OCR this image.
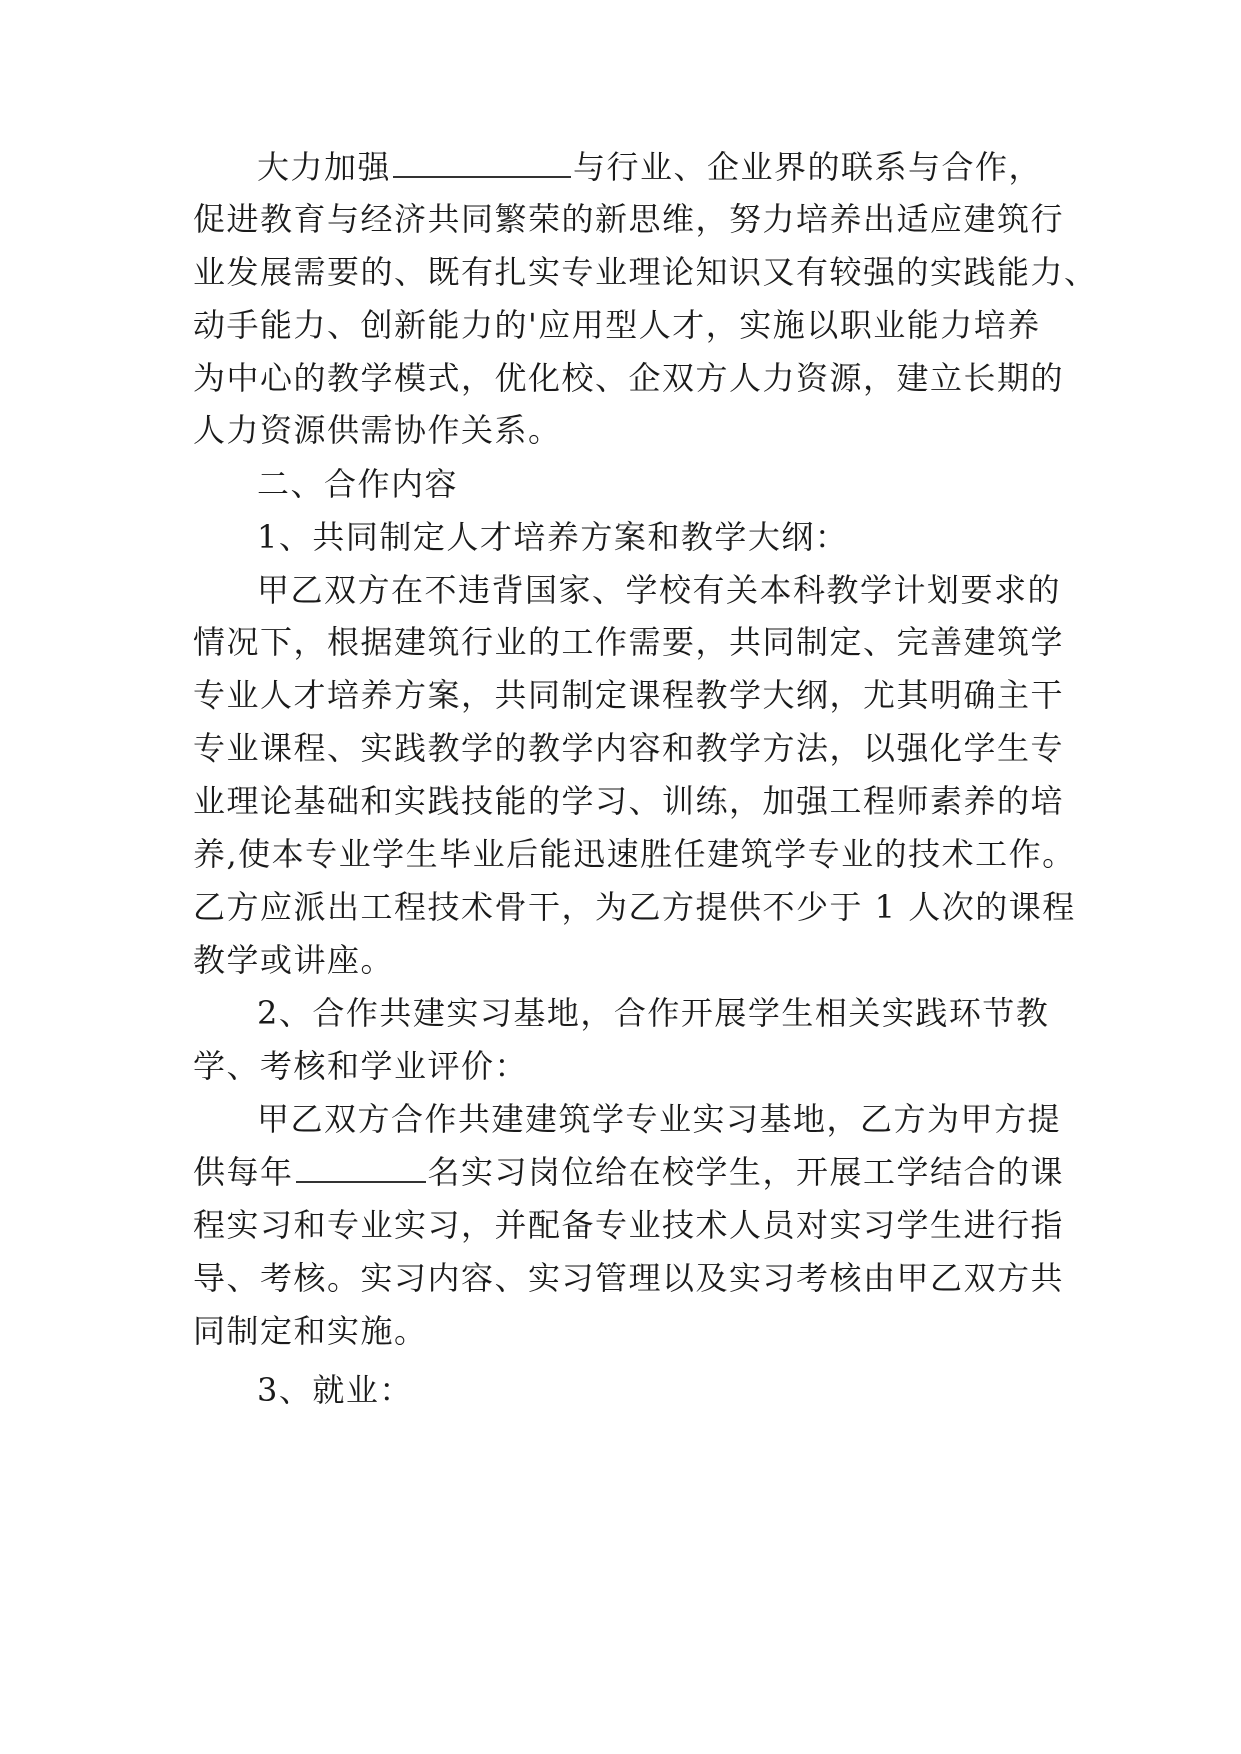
大力加强	与行业、企业界的联系与合作，
促进教育与经济共同繁荣的新思维，努力培养出适应建筑行
业发展需要的、既有扎实专业理论知识又有较强的实践能力、
动手能力、创新能力的'应用型人才，实施以职业能力培养
为中心的教学模式，优化校、企双方人力资源，建立长期的
人力资源供需协作关系。
二、合作内容
1、共同制定人才培养方案和教学大纲：
甲乙双方在不违背国家、学校有关本科教学计划要求的
情况下，根据建筑行业的工作需要，共同制定、完善建筑学
专业人才培养方案，共同制定课程教学大纲，尤其明确主干
专业课程、实践教学的教学内容和教学方法，以强化学生专
业理论基础和实践技能的学习、训练，加强工程师素养的培
养,使本专业学生毕业后能迅速胜任建筑学专业的技术工作。
乙方应派出工程技术骨干，为乙方提供不少于 1 人次的课程
教学或讲座。
2、合作共建实习基地，合作开展学生相关实践环节教
学、考核和学业评价：
甲乙双方合作共建建筑学专业实习基地，乙方为甲方提
供每年	名实习岗位给在校学生，开展工学结合的课
程实习和专业实习，并配备专业技术人员对实习学生进行指
导、考核。实习内容、实习管理以及实习考核由甲乙双方共
同制定和实施。
3、就业：
